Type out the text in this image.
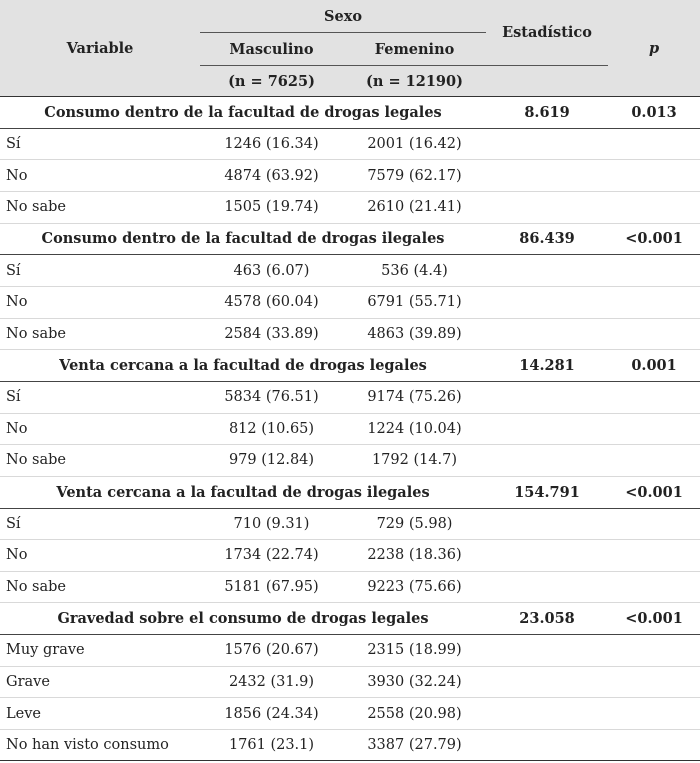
Variable	Sexo		Estadístico	p
	Masculino	Femenino		
	(n = 7625)	(n = 12190)		
Consumo dentro de la facultad de drogas legales			8.619	0.013
Sí	1246 (16.34)	2001 (16.42)		
No	4874 (63.92)	7579 (62.17)		
No sabe	1505 (19.74)	2610 (21.41)		
Consumo dentro de la facultad de drogas ilegales			86.439	<0.001
Sí	463 (6.07)	536 (4.4)		
No	4578 (60.04)	6791 (55.71)		
No sabe	2584 (33.89)	4863 (39.89)		
Venta cercana a la facultad de drogas legales			14.281	0.001
Sí	5834 (76.51)	9174 (75.26)		
No	812 (10.65)	1224 (10.04)		
No sabe	979 (12.84)	1792 (14.7)		
Venta cercana a la facultad de drogas ilegales			154.791	<0.001
Sí	710 (9.31)	729 (5.98)		
No	1734 (22.74)	2238 (18.36)		
No sabe	5181 (67.95)	9223 (75.66)		
Gravedad sobre el consumo de drogas legales			23.058	<0.001
Muy grave	1576 (20.67)	2315 (18.99)		
Grave	2432 (31.9)	3930 (32.24)		
Leve	1856 (24.34)	2558 (20.98)		
No han visto consumo	1761 (23.1)	3387 (27.79)		
